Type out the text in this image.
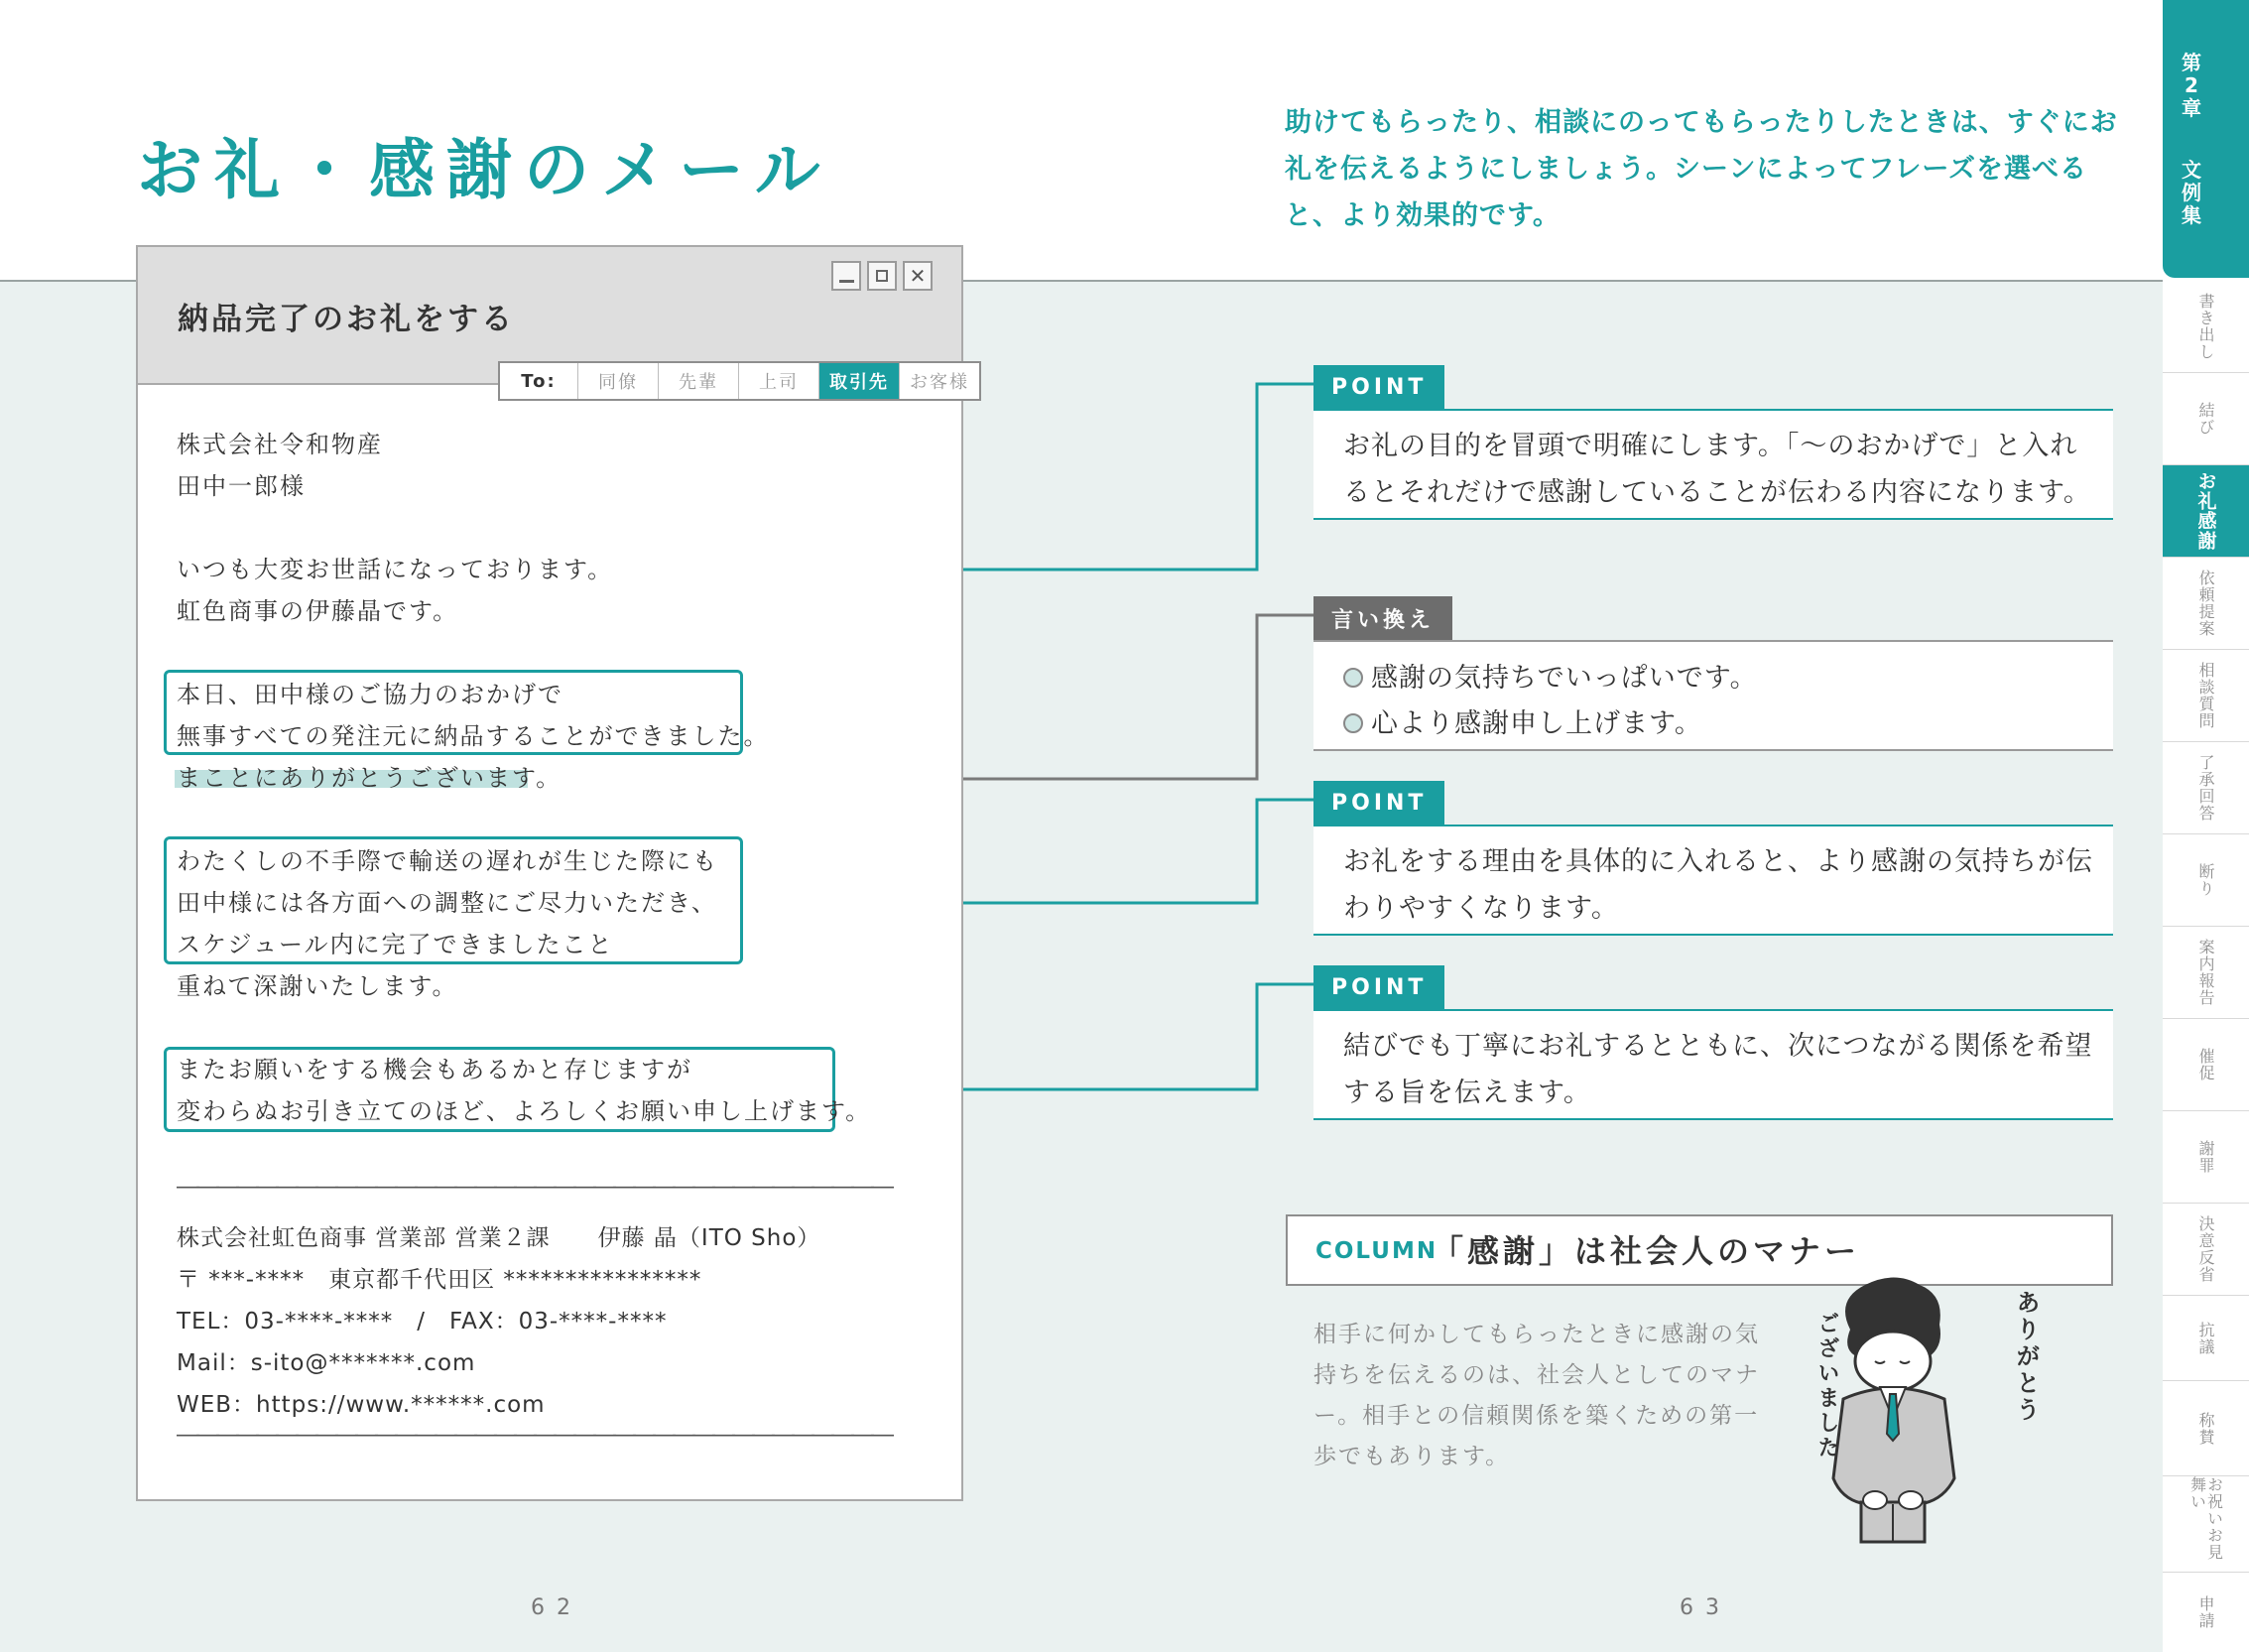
お礼・感謝のメール
助けてもらったり、相談にのってもらったりしたときは、すぐにお礼を伝えるようにしましょう。シーンによってフレーズを選べると、より効果的です。
納品完了のお礼をする
✕
To:	同僚	先輩	上司	取引先	お客様
株式会社令和物産
田中一郎様
いつも大変お世話になっております。
虹色商事の伊藤晶です。
本日、田中様のご協力のおかげで
無事すべての発注元に納品することができました。
まことにありがとうございます。
わたくしの不手際で輸送の遅れが生じた際にも
田中様には各方面への調整にご尽力いただき、
スケジュール内に完了できましたこと
重ねて深謝いたします。
またお願いをする機会もあるかと存じますが
変わらぬお引き立てのほど、よろしくお願い申し上げます。
――――――――――――――――――――――――――――――――――――
株式会社虹色商事 営業部 営業２課　　伊藤 晶（ITO Sho）
〒 ***-****　東京都千代田区 ****************
TEL：03-****-****　/　FAX：03-****-****
Mail：s-ito@*******.com
WEB：https://www.******.com
――――――――――――――――――――――――――――――――――――
62	63
POINT
お礼の目的を冒頭で明確にします。「〜のおかげで」と入れるとそれだけで感謝していることが伝わる内容になります。
言い換え
感謝の気持ちでいっぱいです。
心より感謝申し上げます。
POINT
お礼をする理由を具体的に入れると、より感謝の気持ちが伝わりやすくなります。
POINT
結びでも丁寧にお礼するとともに、次につながる関係を希望する旨を伝えます。
COLUMN
「感謝」は社会人のマナー
相手に何かしてもらったときに感謝の気持ちを伝えるのは、社会人としてのマナー。相手との信頼関係を築くための第一歩でもあります。
ありがとう
ございました
第2章
文例集
書き出し
結び
お礼感謝
依頼提案
相談質問
了承回答
断り
案内報告
催促
謝罪
決意反省
抗議
称賛
お祝いお見舞い
申請
